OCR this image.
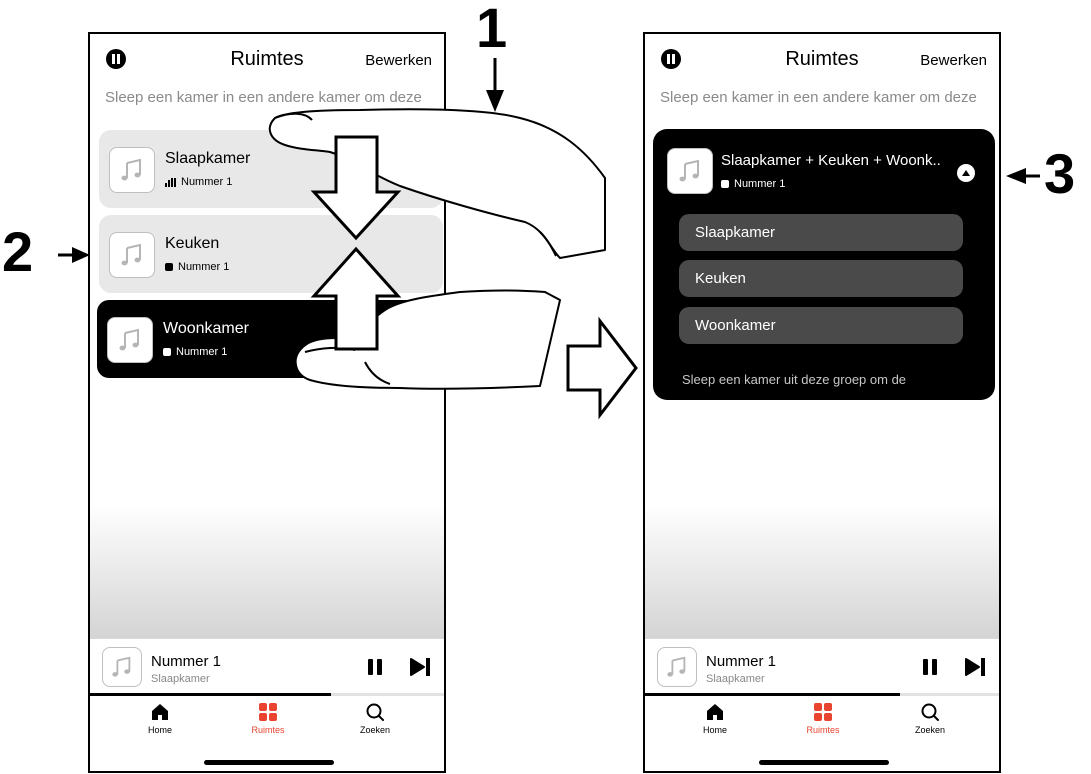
Ruimtes	Bewerken
Sleep een kamer in een andere kamer om deze
Slaapkamer
Nummer 1
Keuken
Nummer 1
Woonkamer
Nummer 1
Nummer 1
Slaapkamer
Home	Ruimtes	Zoeken
Ruimtes	Bewerken
Sleep een kamer in een andere kamer om deze
Slaapkamer + Keuken + Woonk..
Nummer 1
Slaapkamer
Keuken
Woonkamer
Sleep een kamer uit deze groep om de
Nummer 1
Slaapkamer
Home	Ruimtes	Zoeken
1
2
3
